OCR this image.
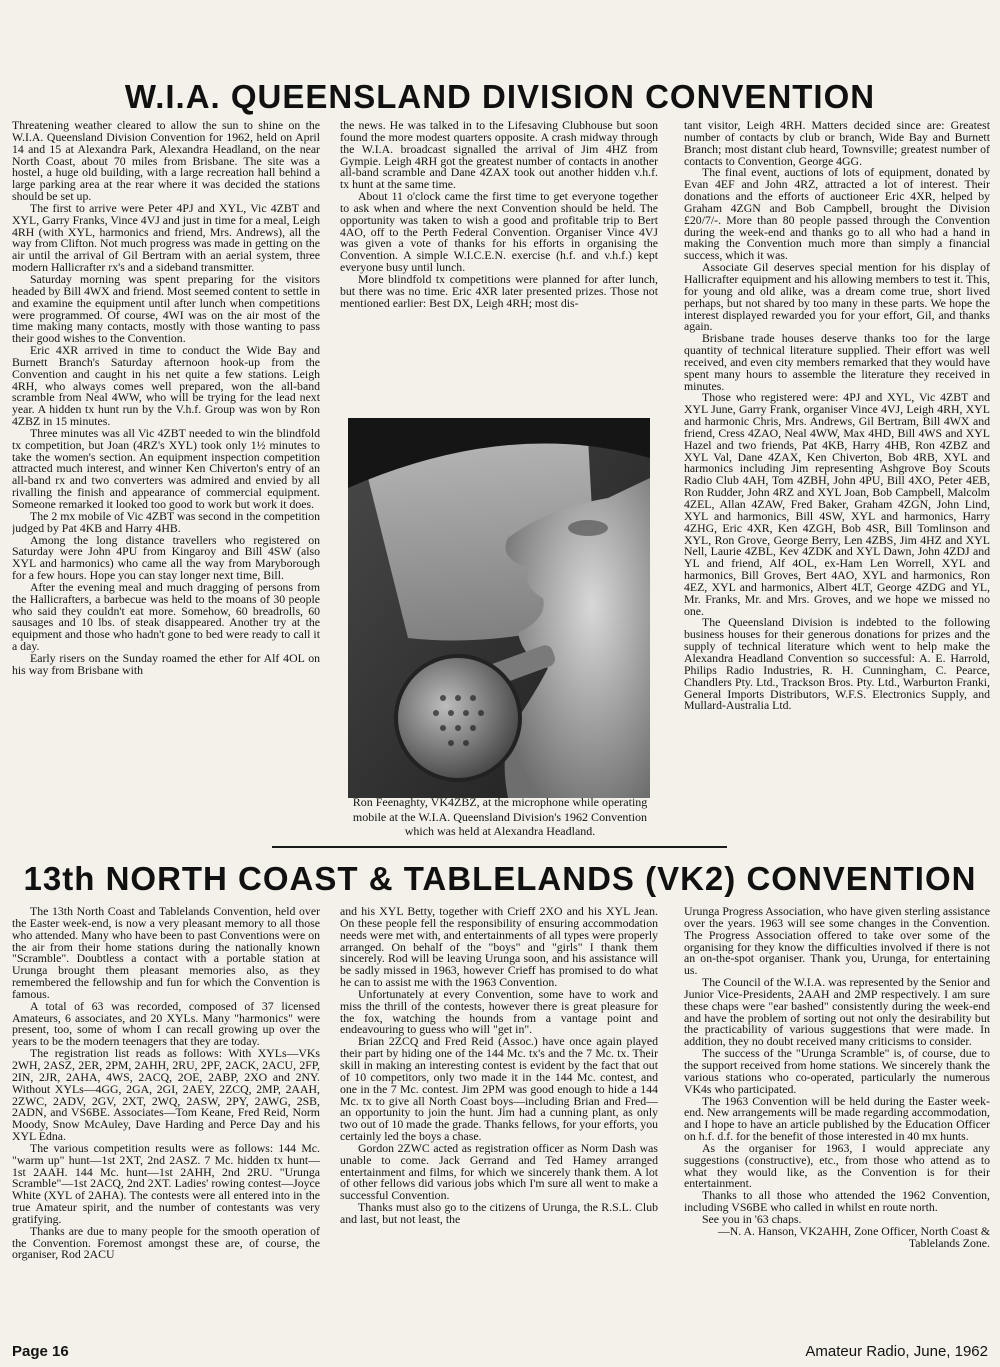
W.I.A. QUEENSLAND DIVISION CONVENTION

Threatening weather cleared to allow the sun to shine on the W.I.A. Queensland Division Convention for 1962, held on April 14 and 15 at Alexandra Park, Alexandra Headland, on the near North Coast, about 70 miles from Brisbane. The site was a hostel, a huge old building, with a large recreation hall behind a large parking area at the rear where it was decided the stations should be set up.

The first to arrive were Peter 4PJ and XYL, Vic 4ZBT and XYL, Garry Franks, Vince 4VJ and just in time for a meal, Leigh 4RH (with XYL, harmonics and friend, Mrs. Andrews), all the way from Clifton. Not much progress was made in getting on the air until the arrival of Gil Bertram with an aerial system, three modern Hallicrafter rx's and a sideband transmitter.

Saturday morning was spent preparing for the visitors headed by Bill 4WX and friend. Most seemed content to settle in and examine the equipment until after lunch when competitions were programmed. Of course, 4WI was on the air most of the time making many contacts, mostly with those wanting to pass their good wishes to the Convention.

Eric 4XR arrived in time to conduct the Wide Bay and Burnett Branch's Saturday afternoon hook-up from the Convention and caught in his net quite a few stations. Leigh 4RH, who always comes well prepared, won the all-band scramble from Neal 4WW, who will be trying for the lead next year. A hidden tx hunt run by the V.h.f. Group was won by Ron 4ZBZ in 15 minutes.

Three minutes was all Vic 4ZBT needed to win the blindfold tx competition, but Joan (4RZ's XYL) took only 1½ minutes to take the women's section. An equipment inspection competition attracted much interest, and winner Ken Chiverton's entry of an all-band rx and two converters was admired and envied by all rivalling the finish and appearance of commercial equipment. Someone remarked it looked too good to work but work it does.

The 2 mx mobile of Vic 4ZBT was second in the competition judged by Pat 4KB and Harry 4HB.

Among the long distance travellers who registered on Saturday were John 4PU from Kingaroy and Bill 4SW (also XYL and harmonics) who came all the way from Maryborough for a few hours. Hope you can stay longer next time, Bill.

After the evening meal and much dragging of persons from the Hallicrafters, a barbecue was held to the moans of 30 people who said they couldn't eat more. Somehow, 60 breadrolls, 60 sausages and 10 lbs. of steak disappeared. Another try at the equipment and those who hadn't gone to bed were ready to call it a day.

Early risers on the Sunday roamed the ether for Alf 4OL on his way from Brisbane with

the news. He was talked in to the Lifesaving Clubhouse but soon found the more modest quarters opposite. A crash midway through the W.I.A. broadcast signalled the arrival of Jim 4HZ from Gympie. Leigh 4RH got the greatest number of contacts in another all-band scramble and Dane 4ZAX took out another hidden v.h.f. tx hunt at the same time.

About 11 o'clock came the first time to get everyone together to ask when and where the next Convention should be held. The opportunity was taken to wish a good and profitable trip to Bert 4AO, off to the Perth Federal Convention. Organiser Vince 4VJ was given a vote of thanks for his efforts in organising the Convention. A simple W.I.C.E.N. exercise (h.f. and v.h.f.) kept everyone busy until lunch.

More blindfold tx competitions were planned for after lunch, but there was no time. Eric 4XR later presented prizes. Those not mentioned earlier: Best DX, Leigh 4RH; most dis-

Ron Feenaghty, VK4ZBZ, at the microphone while operating mobile at the W.I.A. Queensland Division's 1962 Convention which was held at Alexandra Headland.

tant visitor, Leigh 4RH. Matters decided since are: Greatest number of contacts by club or branch, Wide Bay and Burnett Branch; most distant club heard, Townsville; greatest number of contacts to Convention, George 4GG.

The final event, auctions of lots of equipment, donated by Evan 4EF and John 4RZ, attracted a lot of interest. Their donations and the efforts of auctioneer Eric 4XR, helped by Graham 4ZGN and Bob Campbell, brought the Division £20/7/-. More than 80 people passed through the Convention during the week-end and thanks go to all who had a hand in making the Convention much more than simply a financial success, which it was.

Associate Gil deserves special mention for his display of Hallicrafter equipment and his allowing members to test it. This, for young and old alike, was a dream come true, short lived perhaps, but not shared by too many in these parts. We hope the interest displayed rewarded you for your effort, Gil, and thanks again.

Brisbane trade houses deserve thanks too for the large quantity of technical literature supplied. Their effort was well received, and even city members remarked that they would have spent many hours to assemble the literature they received in minutes.

Those who registered were: 4PJ and XYL, Vic 4ZBT and XYL June, Garry Frank, organiser Vince 4VJ, Leigh 4RH, XYL and harmonic Chris, Mrs. Andrews, Gil Bertram, Bill 4WX and friend, Cress 4ZAO, Neal 4WW, Max 4HD, Bill 4WS and XYL Hazel and two friends, Pat 4KB, Harry 4HB, Ron 4ZBZ and XYL Val, Dane 4ZAX, Ken Chiverton, Bob 4RB, XYL and harmonics including Jim representing Ashgrove Boy Scouts Radio Club 4AH, Tom 4ZBH, John 4PU, Bill 4XO, Peter 4EB, Ron Rudder, John 4RZ and XYL Joan, Bob Campbell, Malcolm 4ZEL, Allan 4ZAW, Fred Baker, Graham 4ZGN, John Lind, XYL and harmonics, Bill 4SW, XYL and harmonics, Harry 4ZHG, Eric 4XR, Ken 4ZGH, Bob 4SR, Bill Tomlinson and XYL, Ron Grove, George Berry, Len 4ZBS, Jim 4HZ and XYL Nell, Laurie 4ZBL, Kev 4ZDK and XYL Dawn, John 4ZDJ and YL and friend, Alf 4OL, ex-Ham Len Worrell, XYL and harmonics, Bill Groves, Bert 4AO, XYL and harmonics, Ron 4EZ, XYL and harmonics, Albert 4LT, George 4ZDG and YL, Mr. Franks, Mr. and Mrs. Groves, and we hope we missed no one.

The Queensland Division is indebted to the following business houses for their generous donations for prizes and the supply of technical literature which went to help make the Alexandra Headland Convention so successful: A. E. Harrold, Philips Radio Industries, R. H. Cunningham, C. Pearce, Chandlers Pty. Ltd., Trackson Bros. Pty. Ltd., Warburton Franki, General Imports Distributors, W.F.S. Electronics Supply, and Mullard-Australia Ltd.

13th NORTH COAST & TABLELANDS (VK2) CONVENTION

The 13th North Coast and Tablelands Convention, held over the Easter week-end, is now a very pleasant memory to all those who attended. Many who have been to past Conventions were on the air from their home stations during the nationally known "Scramble". Doubtless a contact with a portable station at Urunga brought them pleasant memories also, as they remembered the fellowship and fun for which the Convention is famous.

A total of 63 was recorded, composed of 37 licensed Amateurs, 6 associates, and 20 XYLs. Many "harmonics" were present, too, some of whom I can recall growing up over the years to be the modern teenagers that they are today.

The registration list reads as follows: With XYLs—VKs 2WH, 2ASZ, 2ER, 2PM, 2AHH, 2RU, 2PF, 2ACK, 2ACU, 2FP, 2IN, 2JR, 2AHA, 4WS, 2ACQ, 2OE, 2ABP, 2XO and 2NY. Without XYLs—4GG, 2GA, 2GI, 2AEY, 2ZCQ, 2MP, 2AAH, 2ZWC, 2ADV, 2GV, 2XT, 2WQ, 2ASW, 2PY, 2AWG, 2SB, 2ADN, and VS6BE. Associates—Tom Keane, Fred Reid, Norm Moody, Snow McAuley, Dave Harding and Perce Day and his XYL Edna.

The various competition results were as follows: 144 Mc. "warm up" hunt—1st 2XT, 2nd 2ASZ. 7 Mc. hidden tx hunt—1st 2AAH. 144 Mc. hunt—1st 2AHH, 2nd 2RU. "Urunga Scramble"—1st 2ACQ, 2nd 2XT. Ladies' rowing contest—Joyce White (XYL of 2AHA). The contests were all entered into in the true Amateur spirit, and the number of contestants was very gratifying.

Thanks are due to many people for the smooth operation of the Convention. Foremost amongst these are, of course, the organiser, Rod 2ACU

and his XYL Betty, together with Crieff 2XO and his XYL Jean. On these people fell the responsibility of ensuring accommodation needs were met with, and entertainments of all types were properly arranged. On behalf of the "boys" and "girls" I thank them sincerely. Rod will be leaving Urunga soon, and his assistance will be sadly missed in 1963, however Crieff has promised to do what he can to assist me with the 1963 Convention.

Unfortunately at every Convention, some have to work and miss the thrill of the contests, however there is great pleasure for the fox, watching the hounds from a vantage point and endeavouring to guess who will "get in".

Brian 2ZCQ and Fred Reid (Assoc.) have once again played their part by hiding one of the 144 Mc. tx's and the 7 Mc. tx. Their skill in making an interesting contest is evident by the fact that out of 10 competitors, only two made it in the 144 Mc. contest, and one in the 7 Mc. contest. Jim 2PM was good enough to hide a 144 Mc. tx to give all North Coast boys—including Brian and Fred—an opportunity to join the hunt. Jim had a cunning plant, as only two out of 10 made the grade. Thanks fellows, for your efforts, you certainly led the boys a chase.

Gordon 2ZWC acted as registration officer as Norm Dash was unable to come. Jack Gerrand and Ted Hamey arranged entertainment and films, for which we sincerely thank them. A lot of other fellows did various jobs which I'm sure all went to make a successful Convention.

Thanks must also go to the citizens of Urunga, the R.S.L. Club and last, but not least, the

Urunga Progress Association, who have given sterling assistance over the years. 1963 will see some changes in the Convention. The Progress Association offered to take over some of the organising for they know the difficulties involved if there is not an on-the-spot organiser. Thank you, Urunga, for entertaining us.

The Council of the W.I.A. was represented by the Senior and Junior Vice-Presidents, 2AAH and 2MP respectively. I am sure these chaps were "ear bashed" consistently during the week-end and have the problem of sorting out not only the desirability but the practicability of various suggestions that were made. In addition, they no doubt received many criticisms to consider.

The success of the "Urunga Scramble" is, of course, due to the support received from home stations. We sincerely thank the various stations who co-operated, particularly the numerous VK4s who participated.

The 1963 Convention will be held during the Easter week-end. New arrangements will be made regarding accommodation, and I hope to have an article published by the Education Officer on h.f. d.f. for the benefit of those interested in 40 mx hunts.

As the organiser for 1963, I would appreciate any suggestions (constructive), etc., from those who attend as to what they would like, as the Convention is for their entertainment.

Thanks to all those who attended the 1962 Convention, including VS6BE who called in whilst en route north.

See you in '63 chaps.

—N. A. Hanson, VK2AHH, Zone Officer, North Coast & Tablelands Zone.

Page 16	Amateur Radio, June, 1962
